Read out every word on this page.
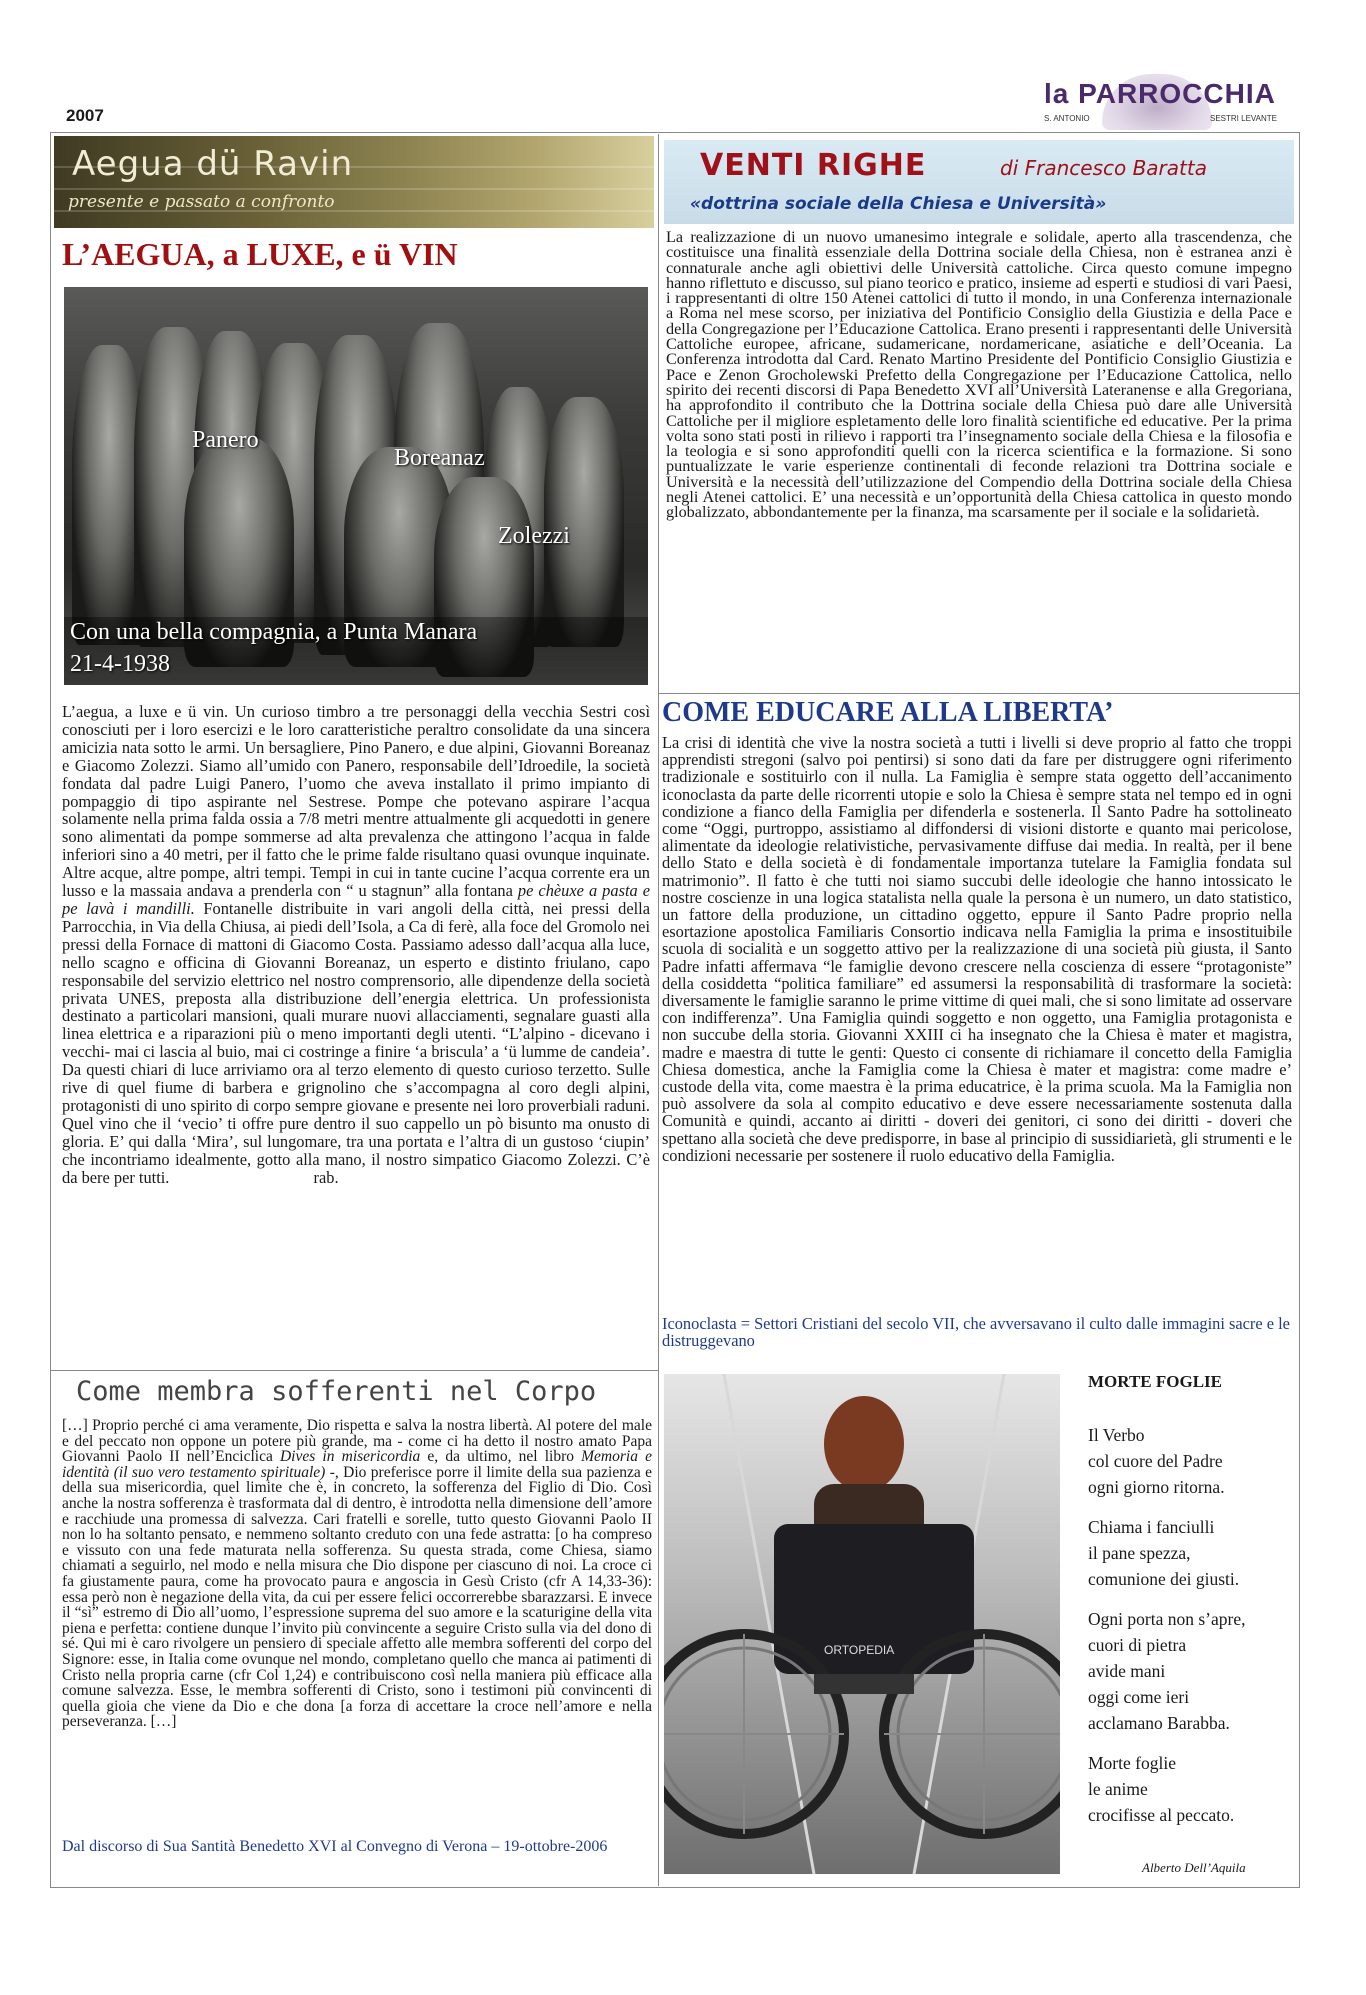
2007
la PARROCCHIA
S. ANTONIO	SESTRI LEVANTE
Aegua dü Ravin
presente e passato a confronto
L’AEGUA, a LUXE, e ü VIN
Panero
Boreanaz
Zolezzi
Con una bella compagnia, a Punta Manara
21-4-1938
L’aegua, a luxe e ü vin. Un curioso timbro a tre personaggi della vecchia Sestri così conosciuti per i loro esercizi e le loro caratteristiche peraltro consolidate da una sincera amicizia nata sotto le armi. Un bersagliere, Pino Panero, e due alpini, Giovanni Boreanaz e Giacomo Zolezzi. Siamo all’umido con Panero, responsabile dell’Idroedile, la società fondata dal padre Luigi Panero, l’uomo che aveva installato il primo impianto di pompaggio di tipo aspirante nel Sestrese. Pompe che potevano aspirare l’acqua solamente nella prima falda ossia a 7/8 metri mentre attualmente gli acquedotti in genere sono alimentati da pompe sommerse ad alta prevalenza che attingono l’acqua in falde inferiori sino a 40 metri, per il fatto che le prime falde risultano quasi ovunque inquinate. Altre acque, altre pompe, altri tempi. Tempi in cui in tante cucine l’acqua corrente era un lusso e la massaia andava a prenderla con “ u stagnun” alla fontana pe chèuxe a pasta e pe lavà i mandilli. Fontanelle distribuite in vari angoli della città, nei pressi della Parrocchia, in Via della Chiusa, ai piedi dell’Isola, a Ca di ferè, alla foce del Gromolo nei pressi della Fornace di mattoni di Giacomo Costa. Passiamo adesso dall’acqua alla luce, nello scagno e officina di Giovanni Boreanaz, un esperto e distinto friulano, capo responsabile del servizio elettrico nel nostro comprensorio, alle dipendenze della società privata UNES, preposta alla distribuzione dell’energia elettrica. Un professionista destinato a particolari mansioni, quali murare nuovi allacciamenti, segnalare guasti alla linea elettrica e a riparazioni più o meno importanti degli utenti. “L’alpino - dicevano i vecchi- mai ci lascia al buio, mai ci costringe a finire ‘a briscula’ a ‘ü lumme de candeia’. Da questi chiari di luce arriviamo ora al terzo elemento di questo curioso terzetto. Sulle rive di quel fiume di barbera e grignolino che s’accompagna al coro degli alpini, protagonisti di uno spirito di corpo sempre giovane e presente nei loro proverbiali raduni. Quel vino che il ‘vecio’ ti offre pure dentro il suo cappello un pò bisunto ma onusto di gloria. E’ qui dalla ‘Mira’, sul lungomare, tra una portata e l’altra di un gustoso ‘ciupin’ che incontriamo idealmente, gotto alla mano, il nostro simpatico Giacomo Zolezzi. C’è da bere per tutti.	rab.
VENTI RIGHE	di Francesco Baratta
«dottrina sociale della Chiesa e Università»
La realizzazione di un nuovo umanesimo integrale e solidale, aperto alla trascendenza, che costituisce una finalità essenziale della Dottrina sociale della Chiesa, non è estranea anzi è connaturale anche agli obiettivi delle Università cattoliche. Circa questo comune impegno hanno riflettuto e discusso, sul piano teorico e pratico, insieme ad esperti e studiosi di vari Paesi, i rappresentanti di oltre 150 Atenei cattolici di tutto il mondo, in una Conferenza internazionale a Roma nel mese scorso, per iniziativa del Pontificio Consiglio della Giustizia e della Pace e della Congregazione per l’Educazione Cattolica. Erano presenti i rappresentanti delle Università Cattoliche europee, africane, sudamericane, nordamericane, asiatiche e dell’Oceania. La Conferenza introdotta dal Card. Renato Martino Presidente del Pontificio Consiglio Giustizia e Pace e Zenon Grocholewski Prefetto della Congregazione per l’Educazione Cattolica, nello spirito dei recenti discorsi di Papa Benedetto XVI all’Università Lateranense e alla Gregoriana, ha approfondito il contributo che la Dottrina sociale della Chiesa può dare alle Università Cattoliche per il migliore espletamento delle loro finalità scientifiche ed educative. Per la prima volta sono stati posti in rilievo i rapporti tra l’insegnamento sociale della Chiesa e la filosofia e la teologia e si sono approfonditi quelli con la ricerca scientifica e la formazione. Si sono puntualizzate le varie esperienze continentali di feconde relazioni tra Dottrina sociale e Università e la necessità dell’utilizzazione del Compendio della Dottrina sociale della Chiesa negli Atenei cattolici. E’ una necessità e un’opportunità della Chiesa cattolica in questo mondo globalizzato, abbondantemente per la finanza, ma scarsamente per il sociale e la solidarietà.
COME EDUCARE ALLA LIBERTA’
La crisi di identità che vive la nostra società a tutti i livelli si deve proprio al fatto che troppi apprendisti stregoni (salvo poi pentirsi) si sono dati da fare per distruggere ogni riferimento tradizionale e sostituirlo con il nulla. La Famiglia è sempre stata oggetto dell’accanimento iconoclasta da parte delle ricorrenti utopie e solo la Chiesa è sempre stata nel tempo ed in ogni condizione a fianco della Famiglia per difenderla e sostenerla. Il Santo Padre ha sottolineato come “Oggi, purtroppo, assistiamo al diffondersi di visioni distorte e quanto mai pericolose, alimentate da ideologie relativistiche, pervasivamente diffuse dai media. In realtà, per il bene dello Stato e della società è di fondamentale importanza tutelare la Famiglia fondata sul matrimonio”. Il fatto è che tutti noi siamo succubi delle ideologie che hanno intossicato le nostre coscienze in una logica statalista nella quale la persona è un numero, un dato statistico, un fattore della produzione, un cittadino oggetto, eppure il Santo Padre proprio nella esortazione apostolica Familiaris Consortio indicava nella Famiglia la prima e insostituibile scuola di socialità e un soggetto attivo per la realizzazione di una società più giusta, il Santo Padre infatti affermava “le famiglie devono crescere nella coscienza di essere “protagoniste” della cosiddetta “politica familiare” ed assumersi la responsabilità di trasformare la società: diversamente le famiglie saranno le prime vittime di quei mali, che si sono limitate ad osservare con indifferenza”. Una Famiglia quindi soggetto e non oggetto, una Famiglia protagonista e non succube della storia. Giovanni XXIII ci ha insegnato che la Chiesa è mater et magistra, madre e maestra di tutte le genti: Questo ci consente di richiamare il concetto della Famiglia Chiesa domestica, anche la Famiglia come la Chiesa è mater et magistra: come madre e’ custode della vita, come maestra è la prima educatrice, è la prima scuola. Ma la Famiglia non può assolvere da sola al compito educativo e deve essere necessariamente sostenuta dalla Comunità e quindi, accanto ai diritti - doveri dei genitori, ci sono dei diritti - doveri che spettano alla società che deve predisporre, in base al principio di sussidiarietà, gli strumenti e le condizioni necessarie per sostenere il ruolo educativo della Famiglia.
Iconoclasta = Settori Cristiani del secolo VII, che avversavano il culto dalle immagini sacre e le distruggevano
Come membra sofferenti nel Corpo
[…] Proprio perché ci ama veramente, Dio rispetta e salva la nostra libertà. Al potere del male e del peccato non oppone un potere più grande, ma - come ci ha detto il nostro amato Papa Giovanni Paolo II nell’Enciclica Dives in misericordia e, da ultimo, nel libro Memoria e identità (il suo vero testamento spirituale) -, Dio preferisce porre il limite della sua pazienza e della sua misericordia, quel limite che è, in concreto, la sofferenza del Figlio di Dio. Così anche la nostra sofferenza è trasformata dal di dentro, è introdotta nella dimensione dell’amore e racchiude una promessa di salvezza. Cari fratelli e sorelle, tutto questo Giovanni Paolo II non lo ha soltanto pensato, e nemmeno soltanto creduto con una fede astratta: [o ha compreso e vissuto con una fede maturata nella sofferenza. Su questa strada, come Chiesa, siamo chiamati a seguirlo, nel modo e nella misura che Dio dispone per ciascuno di noi. La croce ci fa giustamente paura, come ha provocato paura e angoscia in Gesù Cristo (cfr A 14,33-36): essa però non è negazione della vita, da cui per essere felici occorrerebbe sbarazzarsi. E invece il “sì” estremo di Dio all’uomo, l’espressione suprema del suo amore e la scaturigine della vita piena e perfetta: contiene dunque l’invito più convincente a seguire Cristo sulla via del dono di sé. Qui mi è caro rivolgere un pensiero di speciale affetto alle membra sofferenti del corpo del Signore: esse, in Italia come ovunque nel mondo, completano quello che manca ai patimenti di Cristo nella propria carne (cfr Col 1,24) e contribuiscono così nella maniera più efficace alla comune salvezza. Esse, le membra sofferenti di Cristo, sono i testimoni più convincenti di quella gioia che viene da Dio e che dona [a forza di accettare la croce nell’amore e nella perseveranza. […]
Dal discorso di Sua Santità Benedetto XVI al Convegno di Verona – 19-ottobre-2006
ORTOPEDIA
MORTE FOGLIE
Il Verbo
col cuore del Padre
ogni giorno ritorna.
Chiama i fanciulli
il pane spezza,
comunione dei giusti.
Ogni porta non s’apre,
cuori di pietra
avide mani
oggi come ieri
acclamano Barabba.
Morte foglie
le anime
crocifisse al peccato.
Alberto Dell’Aquila
